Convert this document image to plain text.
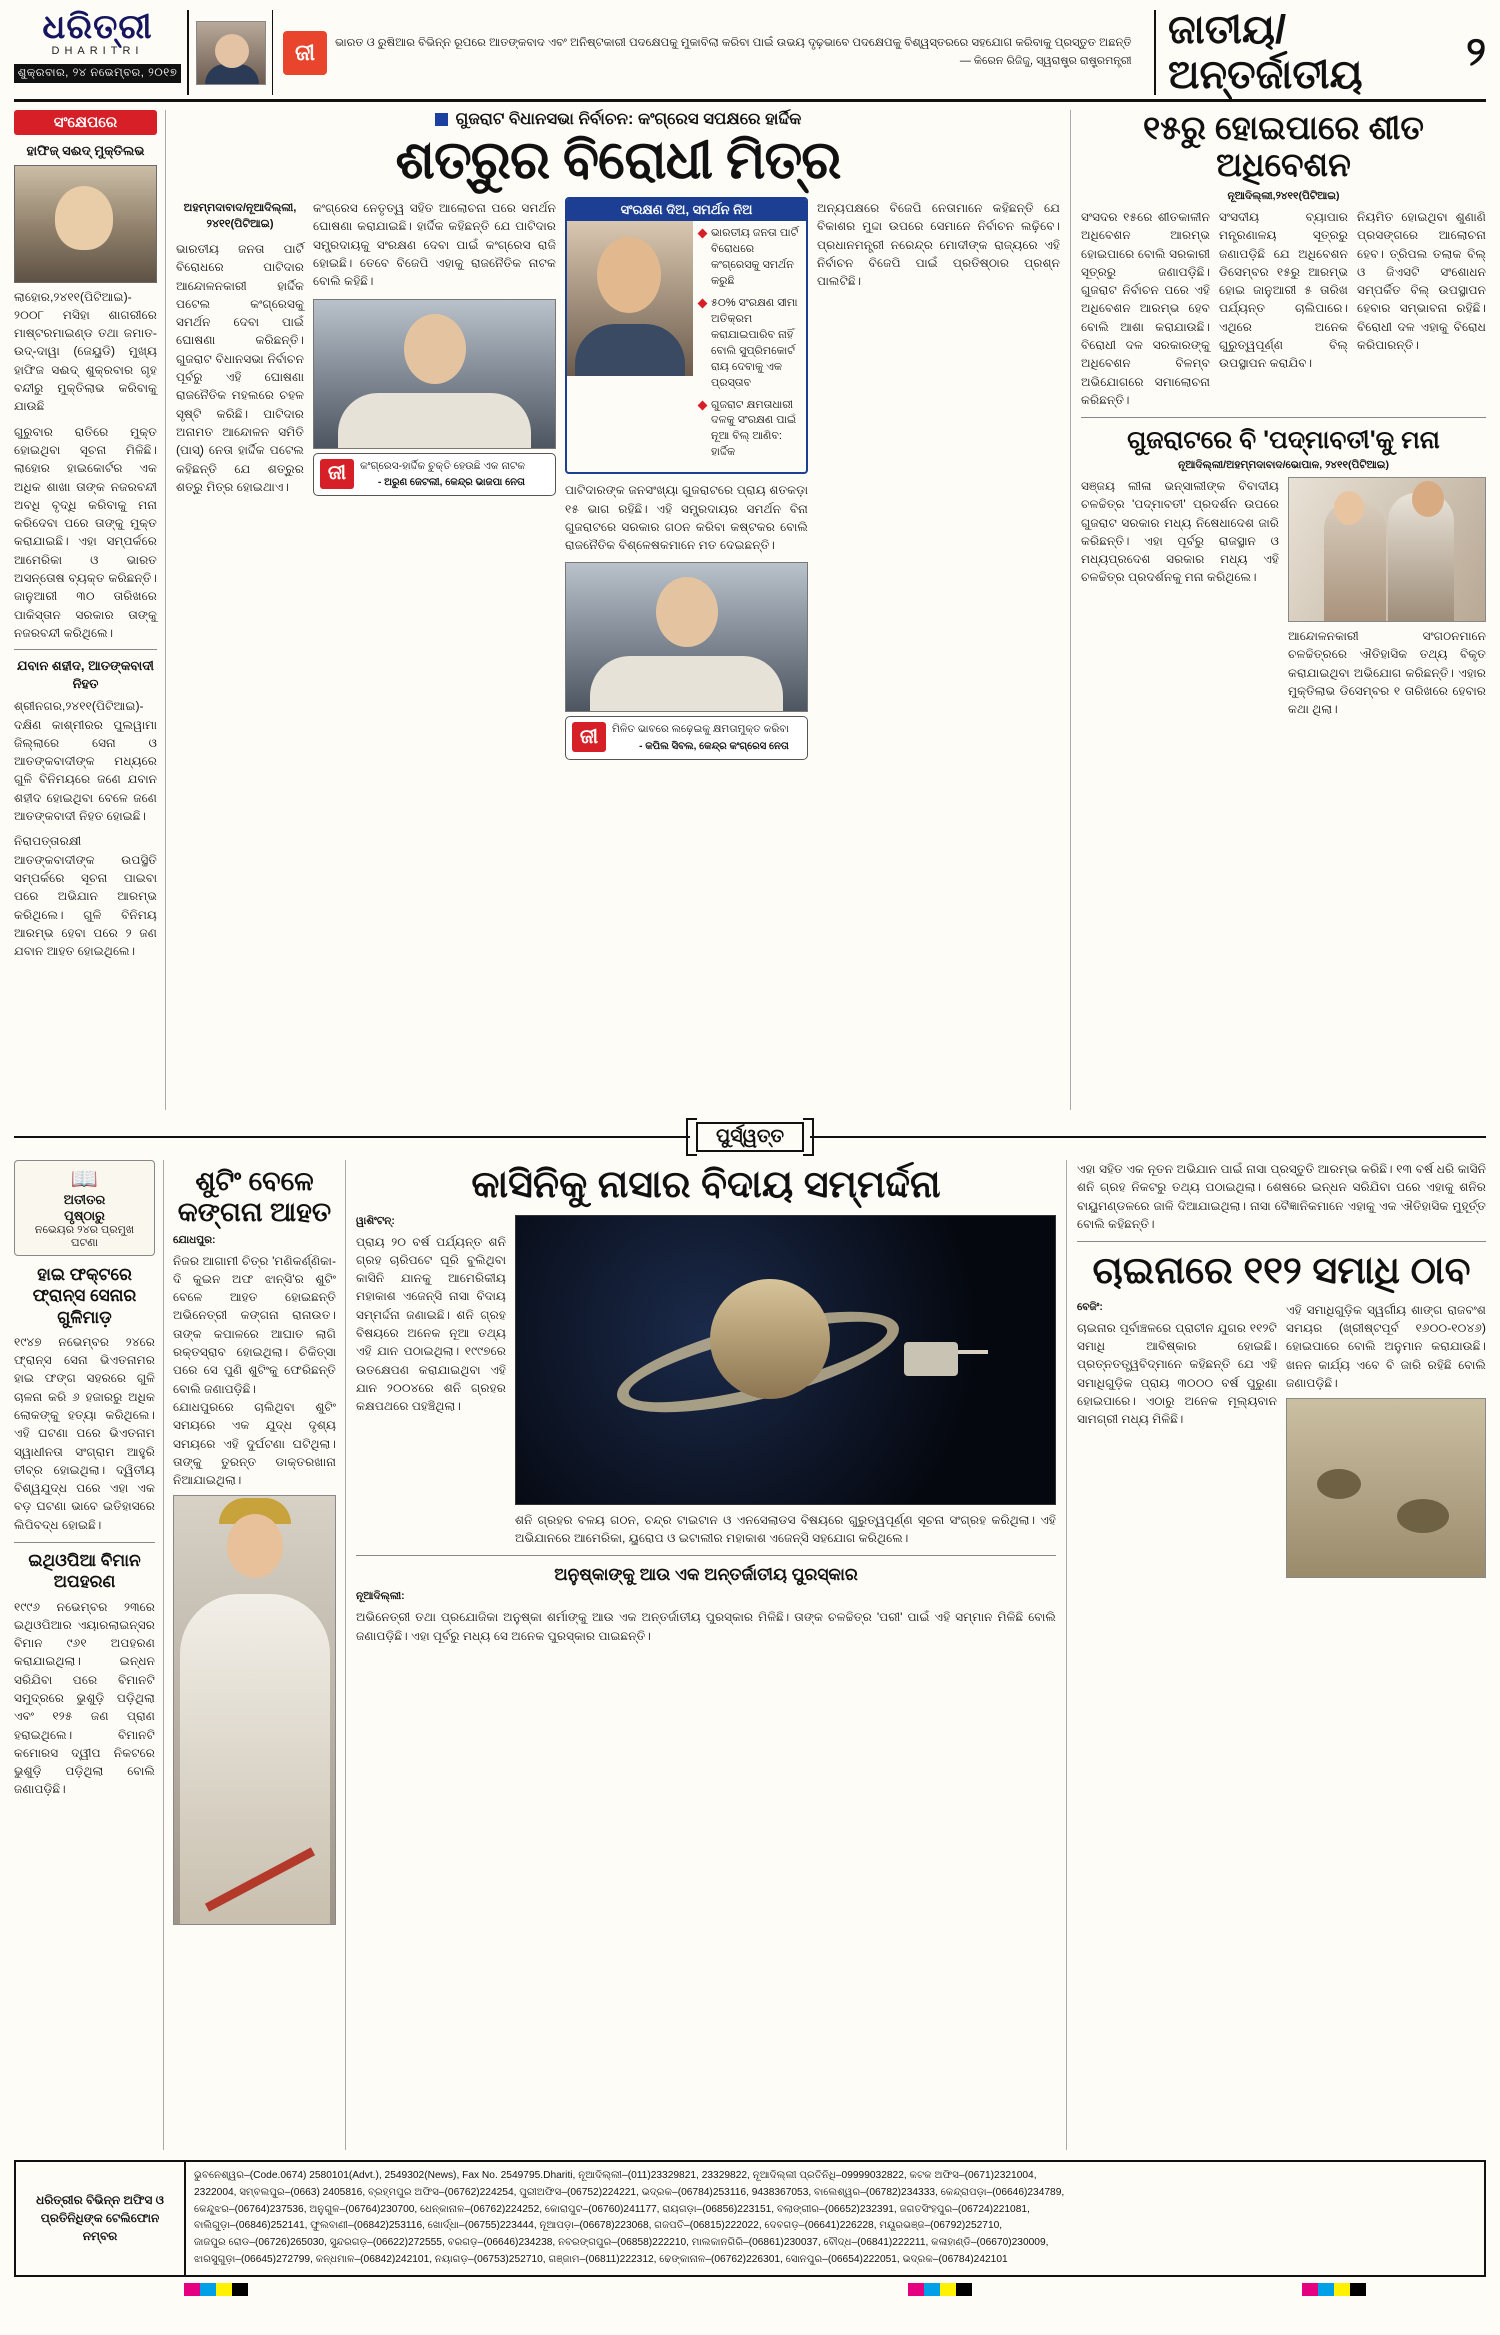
ଧରିତ୍ରୀ
DHARITRI
ଶୁକ୍ରବାର, ୨୪ ନଭେମ୍ବର, ୨୦୧୭
ଜୀ	ଭାରତ ଓ ରୁଷିଆର ବିଭିନ୍ନ ରୂପରେ ଆତଙ୍କବାଦ ଏବଂ ଅନିଷ୍ଟକାରୀ ପଦକ୍ଷେପକୁ ମୁକାବିଲା କରିବା ପାଇଁ ଉଭୟ ଦୃଢ଼ଭାବେ ପଦକ୍ଷେପକୁ ବିଶ୍ୱସ୍ତରରେ ସହଯୋଗ କରିବାକୁ ପ୍ରସ୍ତୁତ ଅଛନ୍ତି
— କିରେନ ରିଜିଜୁ, ସ୍ୱରାଷ୍ଟ୍ର ରାଷ୍ଟ୍ରମନ୍ତ୍ରୀ
ଜାତୀୟ/ଅନ୍ତର୍ଜାତୀୟ
୨
ସଂକ୍ଷେପରେ
ହାଫିଜ୍ ସଈଦ୍ ମୁକ୍ତିଲଭ

ଲାହୋର,୨୪୧୧(ପିଟିଆଇ)- ୨୦୦୮ ମସିହା ଶାଗରୀରେ ମାଷ୍ଟରମାଇଣ୍ଡ ତଥା ଜମାତ-ଉଦ୍-ଦାୱା (ଜେୟୁଡି) ମୁଖ୍ୟ ହାଫିଜ ସଈଦ୍ ଶୁକ୍ରବାର ଗୃହ ବନ୍ଦୀରୁ ମୁକ୍ତିଲାଭ କରିବାକୁ ଯାଉଛି

ଗୁରୁବାର ରାତିରେ ମୁକ୍ତ ହୋଇଥିବା ସୂଚନା ମିଳିଛି। ଲାହୋର ହାଇକୋର୍ଟର ଏକ ଅଧିକ ଶାଖା ତାଙ୍କ ନଜରବନ୍ଦୀ ଅବଧି ବୃଦ୍ଧି କରିବାକୁ ମନା କରିଦେବା ପରେ ତାଙ୍କୁ ମୁକ୍ତ କରାଯାଇଛି। ଏହା ସମ୍ପର୍କରେ ଆମେରିକା ଓ ଭାରତ ଅସନ୍ତୋଷ ବ୍ୟକ୍ତ କରିଛନ୍ତି। ଜାନୁଆରୀ ୩୦ ତାରିଖରେ ପାକିସ୍ତାନ ସରକାର ତାଙ୍କୁ ନଜରବନ୍ଦୀ କରିଥିଲେ।

ଯବାନ ଶହୀଦ, ଆତଙ୍କବାଦୀ ନିହତ

ଶ୍ରୀନଗର,୨୪୧୧(ପିଟିଆଇ)- ଦକ୍ଷିଣ କାଶ୍ମୀରର ପୁଲୱାମା ଜିଲ୍ଲାରେ ସେନା ଓ ଆତଙ୍କବାଦୀଙ୍କ ମଧ୍ୟରେ ଗୁଳି ବିନିମୟରେ ଜଣେ ଯବାନ ଶହୀଦ ହୋଇଥିବା ବେଳେ ଜଣେ ଆତଙ୍କବାଦୀ ନିହତ ହୋଇଛି।

ନିରାପତ୍ତାରକ୍ଷୀ ଆତଙ୍କବାଦୀଙ୍କ ଉପସ୍ଥିତି ସମ୍ପର୍କରେ ସୂଚନା ପାଇବା ପରେ ଅଭିଯାନ ଆରମ୍ଭ କରିଥିଲେ। ଗୁଳି ବିନିମୟ ଆରମ୍ଭ ହେବା ପରେ ୨ ଜଣ ଯବାନ ଆହତ ହୋଇଥିଲେ।

ଗୁଜରାଟ ବିଧାନସଭା ନିର୍ବାଚନ: କଂଗ୍ରେସ ସପକ୍ଷରେ ହାର୍ଦ୍ଦିକ
ଶତ୍ରୁର ବିରୋଧୀ ମିତ୍ର
ଅହମ୍ମଦାବାଦ/ନୂଆଦିଲ୍ଲୀ, ୨୪୧୧(ପିଟିଆଇ)
ଭାରତୀୟ ଜନତା ପାର୍ଟି ବିରୋଧରେ ପାଟିଦାର ଆନ୍ଦୋଳନକାରୀ ହାର୍ଦ୍ଦିକ ପଟେଲ କଂଗ୍ରେସକୁ ସମର୍ଥନ ଦେବା ପାଇଁ ଘୋଷଣା କରିଛନ୍ତି। ଗୁଜରାଟ ବିଧାନସଭା ନିର୍ବାଚନ ପୂର୍ବରୁ ଏହି ଘୋଷଣା ରାଜନୈତିକ ମହଲରେ ଚହଳ ସୃଷ୍ଟି କରିଛି। ପାଟିଦାର ଅନାମତ ଆନ୍ଦୋଳନ ସମିତି (ପାସ୍) ନେତା ହାର୍ଦ୍ଦିକ ପଟେଲ କହିଛନ୍ତି ଯେ ଶତ୍ରୁର ଶତ୍ରୁ ମିତ୍ର ହୋଇଥାଏ।
କଂଗ୍ରେସ ନେତୃତ୍ୱ ସହିତ ଆଲୋଚନା ପରେ ସମର୍ଥନ ଘୋଷଣା କରାଯାଇଛି। ହାର୍ଦ୍ଦିକ କହିଛନ୍ତି ଯେ ପାଟିଦାର ସମ୍ପ୍ରଦାୟକୁ ସଂରକ୍ଷଣ ଦେବା ପାଇଁ କଂଗ୍ରେସ ରାଜି ହୋଇଛି। ତେବେ ବିଜେପି ଏହାକୁ ରାଜନୈତିକ ନାଟକ ବୋଲି କହିଛି।
ଜୀ	କଂଗ୍ରେସ-ହାର୍ଦ୍ଦିକ ଚୁକ୍ତି ହେଉଛି ଏକ ନାଟକ
- ଅରୁଣ ଜେଟଲୀ, କେନ୍ଦ୍ର ଭାଜପା ନେତା
ସଂରକ୍ଷଣ ଦିଅ, ସମର୍ଥନ ନିଅ
ଭାରତୀୟ ଜନତା ପାର୍ଟି ବିରୋଧରେ କଂଗ୍ରେସକୁ ସମର୍ଥନ କରୁଛି
୫୦% ସଂରକ୍ଷଣ ସୀମା ଅତିକ୍ରମ କରାଯାଇପାରିବ ନାହିଁ ବୋଲି ସୁପ୍ରିମକୋର୍ଟ ରାୟ ଦେବାକୁ ଏକ ପ୍ରସ୍ତାବ
ଗୁଜରାଟ କ୍ଷମତାଧାରୀ ଦଳକୁ ସଂରକ୍ଷଣ ପାଇଁ ନୂଆ ବିଲ୍ ଆଣିବ: ହାର୍ଦ୍ଦିକ
ପାଟିଦାରଙ୍କ ଜନସଂଖ୍ୟା ଗୁଜରାଟରେ ପ୍ରାୟ ଶତକଡ଼ା ୧୫ ଭାଗ ରହିଛି। ଏହି ସମ୍ପ୍ରଦାୟର ସମର୍ଥନ ବିନା ଗୁଜରାଟରେ ସରକାର ଗଠନ କରିବା କଷ୍ଟକର ବୋଲି ରାଜନୈତିକ ବିଶ୍ଳେଷକମାନେ ମତ ଦେଇଛନ୍ତି।
ଜୀ	ମିଳିତ ଭାବରେ ଲଢ଼େଇକୁ କ୍ଷମତାମୁକ୍ତ କରିବା
- କପିଲ ସିବଲ, କେନ୍ଦ୍ର କଂଗ୍ରେସ ନେତା
ଅନ୍ୟପକ୍ଷରେ ବିଜେପି ନେତାମାନେ କହିଛନ୍ତି ଯେ ବିକାଶର ମୁଦ୍ଦା ଉପରେ ସେମାନେ ନିର୍ବାଚନ ଲଢ଼ିବେ। ପ୍ରଧାନମନ୍ତ୍ରୀ ନରେନ୍ଦ୍ର ମୋଦୀଙ୍କ ରାଜ୍ୟରେ ଏହି ନିର୍ବାଚନ ବିଜେପି ପାଇଁ ପ୍ରତିଷ୍ଠାର ପ୍ରଶ୍ନ ପାଲଟିଛି।
୧୫ରୁ ହୋଇପାରେ ଶୀତ ଅଧିବେଶନ
ନୂଆଦିଲ୍ଲୀ,୨୪୧୧(ପିଟିଆଇ)
ସଂସଦର ୧୫ରେ ଶୀତକାଳୀନ ଅଧିବେଶନ ଆରମ୍ଭ ହୋଇପାରେ ବୋଲି ସରକାରୀ ସୂତ୍ରରୁ ଜଣାପଡ଼ିଛି। ଗୁଜରାଟ ନିର୍ବାଚନ ପରେ ଏହି ଅଧିବେଶନ ଆରମ୍ଭ ହେବ ବୋଲି ଆଶା କରାଯାଉଛି। ବିରୋଧୀ ଦଳ ସରକାରଙ୍କୁ ଅଧିବେଶନ ବିଳମ୍ବ ଅଭିଯୋଗରେ ସମାଲୋଚନା କରିଛନ୍ତି।
ସଂସଦୀୟ ବ୍ୟାପାର ମନ୍ତ୍ରଣାଳୟ ସୂତ୍ରରୁ ଜଣାପଡ଼ିଛି ଯେ ଅଧିବେଶନ ଡିସେମ୍ବର ୧୫ରୁ ଆରମ୍ଭ ହୋଇ ଜାନୁଆରୀ ୫ ତାରିଖ ପର୍ଯ୍ୟନ୍ତ ଚାଲିପାରେ। ଏଥିରେ ଅନେକ ଗୁରୁତ୍ୱପୂର୍ଣ୍ଣ ବିଲ୍ ଉପସ୍ଥାପନ କରାଯିବ।
ନିୟମିତ ହୋଇଥିବା ଶୁଣାଣି ପ୍ରସଙ୍ଗରେ ଆଲୋଚନା ହେବ। ତ୍ରିପଲ ତଲାକ ବିଲ୍ ଓ ଜିଏସଟି ସଂଶୋଧନ ସମ୍ପର୍କିତ ବିଲ୍ ଉପସ୍ଥାପନ ହେବାର ସମ୍ଭାବନା ରହିଛି। ବିରୋଧୀ ଦଳ ଏହାକୁ ବିରୋଧ କରିପାରନ୍ତି।
ଗୁଜରାଟରେ ବି 'ପଦ୍ମାବତୀ'କୁ ମନା
ନୂଆଦିଲ୍ଲୀ/ଅହମ୍ମଦାବାଦ/ଭୋପାଳ, ୨୪୧୧(ପିଟିଆଇ)
ସଞ୍ଜୟ ଲୀଳା ଭନ୍ସାଲୀଙ୍କ ବିବାଦୀୟ ଚଳଚ୍ଚିତ୍ର 'ପଦ୍ମାବତୀ' ପ୍ରଦର୍ଶନ ଉପରେ ଗୁଜରାଟ ସରକାର ମଧ୍ୟ ନିଷେଧାଦେଶ ଜାରି କରିଛନ୍ତି। ଏହା ପୂର୍ବରୁ ରାଜସ୍ଥାନ ଓ ମଧ୍ୟପ୍ରଦେଶ ସରକାର ମଧ୍ୟ ଏହି ଚଳଚ୍ଚିତ୍ର ପ୍ରଦର୍ଶନକୁ ମନା କରିଥିଲେ।
ଆନ୍ଦୋଳନକାରୀ ସଂଗଠନମାନେ ଚଳଚ୍ଚିତ୍ରରେ ଐତିହାସିକ ତଥ୍ୟ ବିକୃତ କରାଯାଇଥିବା ଅଭିଯୋଗ କରିଛନ୍ତି। ଏହାର ମୁକ୍ତିଲାଭ ଡିସେମ୍ବର ୧ ତାରିଖରେ ହେବାର କଥା ଥିଲା।
ପୁର୍ସ୍ୱତ୍ତ
📖
ଅତୀତର
ପୃଷ୍ଠାରୁ
ନଭେୟର ୨୪ର ପ୍ରମୁଖ ଘଟଣା
ହାଇ ଫକ୍ଟରେ ଫ୍ରାନ୍ସ ସେନାର ଗୁଳିମାଡ଼
୧୯୪୭ ନଭେମ୍ବର ୨୪ରେ ଫ୍ରାନ୍ସ ସେନା ଭିଏତନାମର ହାଇ ଫଙ୍ଗ ସହରରେ ଗୁଳି ଚାଳନା କରି ୬ ହଜାରରୁ ଅଧିକ ଲୋକଙ୍କୁ ହତ୍ୟା କରିଥିଲେ। ଏହି ଘଟଣା ପରେ ଭିଏତନାମ ସ୍ୱାଧୀନତା ସଂଗ୍ରାମ ଆହୁରି ତୀବ୍ର ହୋଇଥିଲା। ଦ୍ୱିତୀୟ ବିଶ୍ୱଯୁଦ୍ଧ ପରେ ଏହା ଏକ ବଡ଼ ଘଟଣା ଭାବେ ଇତିହାସରେ ଲିପିବଦ୍ଧ ହୋଇଛି।
ଇଥିଓପିଆ ବିମାନ ଅପହରଣ
୧୯୯୬ ନଭେମ୍ବର ୨୩ରେ ଇଥିଓପିଆର ଏୟାରଲାଇନ୍ସର ବିମାନ ୯୬୧ ଅପହରଣ କରାଯାଇଥିଲା। ଇନ୍ଧନ ସରିଯିବା ପରେ ବିମାନଟି ସମୁଦ୍ରରେ ଭୁଶୁଡ଼ି ପଡ଼ିଥିଲା ଏବଂ ୧୨୫ ଜଣ ପ୍ରାଣ ହରାଇଥିଲେ। ବିମାନଟି କମୋରସ ଦ୍ୱୀପ ନିକଟରେ ଭୁଶୁଡ଼ି ପଡ଼ିଥିଲା ବୋଲି ଜଣାପଡ଼ିଛି।
ଶୁଟିଂ ବେଳେ କଙ୍ଗନା ଆହତ
ଯୋଧପୁର:
ନିଜର ଆଗାମୀ ଚିତ୍ର 'ମଣିକର୍ଣ୍ଣିକା- ଦି କୁଇନ ଅଫ ଝାନ୍ସି'ର ଶୁଟିଂ ବେଳେ ଆହତ ହୋଇଛନ୍ତି ଅଭିନେତ୍ରୀ କଙ୍ଗନା ରାନାଉତ। ତାଙ୍କ କପାଳରେ ଆଘାତ ଲାଗି ରକ୍ତସ୍ରାବ ହୋଇଥିଲା। ଚିକିତ୍ସା ପରେ ସେ ପୁଣି ଶୁଟିଂକୁ ଫେରିଛନ୍ତି ବୋଲି ଜଣାପଡ଼ିଛି।
ଯୋଧପୁରରେ ଚାଲିଥିବା ଶୁଟିଂ ସମୟରେ ଏକ ଯୁଦ୍ଧ ଦୃଶ୍ୟ ସମୟରେ ଏହି ଦୁର୍ଘଟଣା ଘଟିଥିଲା। ତାଙ୍କୁ ତୁରନ୍ତ ଡାକ୍ତରଖାନା ନିଆଯାଇଥିଲା।
କାସିନିକୁ ନାସାର ବିଦାୟ ସମ୍ମର୍ଦ୍ଦନା
ୱାଶିଂଟନ୍:
ପ୍ରାୟ ୨୦ ବର୍ଷ ପର୍ଯ୍ୟନ୍ତ ଶନି ଗ୍ରହ ଚାରିପଟେ ଘୂରି ବୁଲିଥିବା କାସିନି ଯାନକୁ ଆମେରିକୀୟ ମହାକାଶ ଏଜେନ୍ସି ନାସା ବିଦାୟ ସମ୍ମର୍ଦ୍ଦନା ଜଣାଇଛି। ଶନି ଗ୍ରହ ବିଷୟରେ ଅନେକ ନୂଆ ତଥ୍ୟ ଏହି ଯାନ ପଠାଇଥିଲା। ୧୯୯୭ରେ ଉତକ୍ଷେପଣ କରାଯାଇଥିବା ଏହି ଯାନ ୨୦୦୪ରେ ଶନି ଗ୍ରହର କକ୍ଷପଥରେ ପହଞ୍ଚିଥିଲା।
ଶନି ଗ୍ରହର ବଳୟ ଗଠନ, ଚନ୍ଦ୍ର ଟାଇଟାନ ଓ ଏନସେଲାଡସ ବିଷୟରେ ଗୁରୁତ୍ୱପୂର୍ଣ୍ଣ ସୂଚନା ସଂଗ୍ରହ କରିଥିଲା। ଏହି ଅଭିଯାନରେ ଆମେରିକା, ୟୁରୋପ ଓ ଇଟାଲୀର ମହାକାଶ ଏଜେନ୍ସି ସହଯୋଗ କରିଥିଲେ।
ଅନୁଷ୍କାଙ୍କୁ ଆଉ ଏକ ଅନ୍ତର୍ଜାତୀୟ ପୁରସ୍କାର
ନୂଆଦିଲ୍ଲୀ:
ଅଭିନେତ୍ରୀ ତଥା ପ୍ରଯୋଜିକା ଅନୁଷ୍କା ଶର୍ମାଙ୍କୁ ଆଉ ଏକ ଅନ୍ତର୍ଜାତୀୟ ପୁରସ୍କାର ମିଳିଛି। ତାଙ୍କ ଚଳଚ୍ଚିତ୍ର 'ପରୀ' ପାଇଁ ଏହି ସମ୍ମାନ ମିଳିଛି ବୋଲି ଜଣାପଡ଼ିଛି। ଏହା ପୂର୍ବରୁ ମଧ୍ୟ ସେ ଅନେକ ପୁରସ୍କାର ପାଇଛନ୍ତି।
ଏହା ସହିତ ଏକ ନୂତନ ଅଭିଯାନ ପାଇଁ ନାସା ପ୍ରସ୍ତୁତି ଆରମ୍ଭ କରିଛି। ୧୩ ବର୍ଷ ଧରି କାସିନି ଶନି ଗ୍ରହ ନିକଟରୁ ତଥ୍ୟ ପଠାଇଥିଲା। ଶେଷରେ ଇନ୍ଧନ ସରିଯିବା ପରେ ଏହାକୁ ଶନିର ବାୟୁମଣ୍ଡଳରେ ଜାଳି ଦିଆଯାଇଥିଲା। ନାସା ବୈଜ୍ଞାନିକମାନେ ଏହାକୁ ଏକ ଐତିହାସିକ ମୁହୂର୍ତ୍ତ ବୋଲି କହିଛନ୍ତି।
ଚାଇନାରେ ୧୧୨ ସମାଧି ଠାବ
ବେଜିଂ:
ଚାଇନାର ପୂର୍ବାଞ୍ଚଳରେ ପ୍ରାଚୀନ ଯୁଗର ୧୧୨ଟି ସମାଧି ଆବିଷ୍କାର ହୋଇଛି। ପ୍ରତ୍ନତତ୍ତ୍ୱବିଦ୍‌ମାନେ କହିଛନ୍ତି ଯେ ଏହି ସମାଧିଗୁଡ଼ିକ ପ୍ରାୟ ୩୦୦୦ ବର୍ଷ ପୁରୁଣା ହୋଇପାରେ। ଏଠାରୁ ଅନେକ ମୂଲ୍ୟବାନ ସାମଗ୍ରୀ ମଧ୍ୟ ମିଳିଛି।
ଏହି ସମାଧିଗୁଡ଼ିକ ସ୍ୱର୍ଗୀୟ ଶାଙ୍ଗ ରାଜବଂଶ ସମୟର (ଖ୍ରୀଷ୍ଟପୂର୍ବ ୧୬୦୦-୧୦୪୬) ହୋଇପାରେ ବୋଲି ଅନୁମାନ କରାଯାଉଛି। ଖନନ କାର୍ଯ୍ୟ ଏବେ ବି ଜାରି ରହିଛି ବୋଲି ଜଣାପଡ଼ିଛି।
ଧରିତ୍ରୀର ବିଭିନ୍ନ ଅଫିସ ଓ ପ୍ରତିନିଧିଙ୍କ ଟେଲିଫୋନ ନମ୍ବର
ଭୁବନେଶ୍ୱର–(Code.0674) 2580101(Advt.), 2549302(News), Fax No. 2549795.Dhariti, ନୂଆଦିଲ୍ଲୀ–(011)23329821, 23329822, ନୂଆଦିଲ୍ଲୀ ପ୍ରତିନିଧି–09999032822, କଟକ ଅଫିସ–(0671)2321004,
2322004, ସମ୍ବଲପୁର–(0663) 2405816, ବ୍ରହ୍ମପୁର ଅଫିସ–(06762)224254, ପୁରୀଅଫିସ–(06752)224221, ଭଦ୍ରକ–(06784)253116, 9438367053, ବାଲେଶ୍ୱର–(06782)234333, କେନ୍ଦ୍ରାପଡ଼ା–(06646)234789,
କେନ୍ଦୁଝର–(06764)237536, ଅନୁଗୁଳ–(06764)230700, ଧେନ୍କାନାଳ–(06762)224252, କୋରାପୁଟ–(06760)241177, ରାୟଗଡ଼ା–(06856)223151, ବଲାଙ୍ଗୀର–(06652)232391, ଜଗତସିଂହପୁର–(06724)221081,
ବାଲିଗୁଡ଼ା–(06846)252141, ଫୁଲବାଣୀ–(06842)253116, ଖୋର୍ଦ୍ଧା–(06755)223444, ନୂଆପଡ଼ା–(06678)223068, ଗଜପତି–(06815)222022, ଦେବଗଡ଼–(06641)226228, ମୟୂରଭଞ୍ଜ–(06792)252710,
ଜାଜପୁର ରୋଡ–(06726)265030, ସୁନ୍ଦରଗଡ଼–(06622)272555, ବରଗଡ଼–(06646)234238, ନବରଙ୍ଗପୁର–(06858)222210, ମାଲକାନଗିରି–(06861)230037, ବୌଦ୍ଧ–(06841)222211, କଳାହାଣ୍ଡି–(06670)230009,
ଝାରସୁଗୁଡ଼ା–(06645)272799, କନ୍ଧମାଳ–(06842)242101, ନୟାଗଡ଼–(06753)252710, ଗଞ୍ଜାମ–(06811)222312, ଢେଙ୍କାନାଳ–(06762)226301, ସୋନପୁର–(06654)222051, ଭଦ୍ରକ–(06784)242101
